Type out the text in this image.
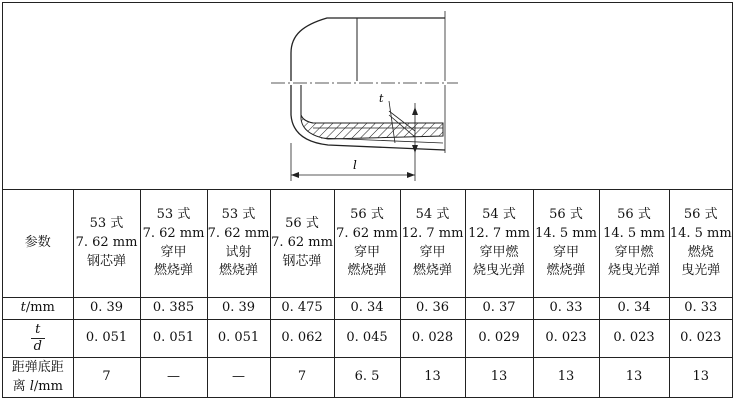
t
l
参数	53 式
7. 62 mm
钢芯弹	53 式
7. 62 mm
穿甲
燃烧弹	53 式
7. 62 mm
试射
燃烧弹	56 式
7. 62 mm
钢芯弹	56 式
7. 62 mm
穿甲
燃烧弹	54 式
12. 7 mm
穿甲
燃烧弹	54 式
12. 7 mm
穿甲燃
烧曳光弹	56 式
14. 5 mm
穿甲
燃烧弹	56 式
14. 5 mm
穿甲燃
烧曳光弹	56 式
14. 5 mm
燃烧
曳光弹

t/mm	0. 39	0. 385	0. 39	0. 475	0. 34	0. 36	0. 37	0. 33	0. 34	0. 33

$\frac{t}{d}$	0. 051	0. 051	0. 051	0. 062	0. 045	0. 028	0. 029	0. 023	0. 023	0. 023
距弹底距
离 l/mm	7	—	—	7	6. 5	13	13	13	13	13
